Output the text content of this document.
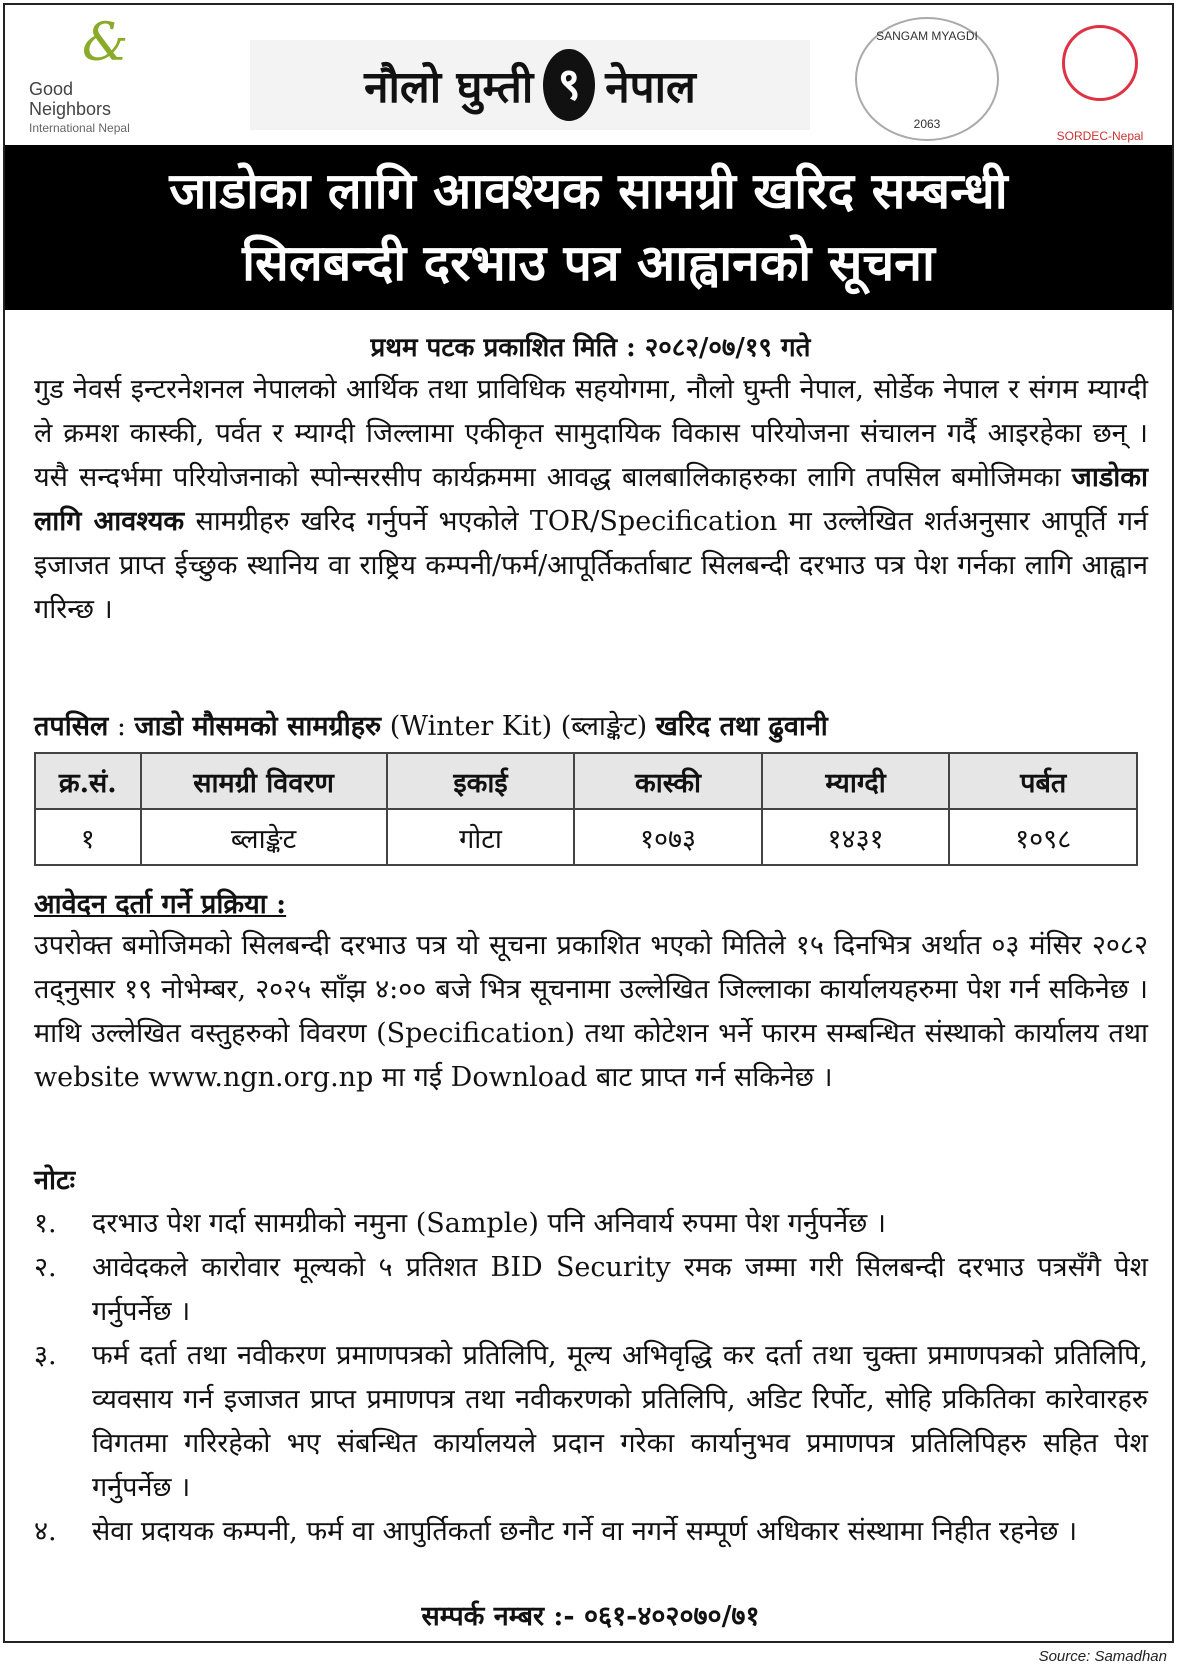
&
Good
Neighbors
International Nepal
नौलो घुम्ती ९ नेपाल
SANGAM MYAGDI
2063
SORDEC-Nepal
जाडोका लागि आवश्यक सामग्री खरिद सम्बन्धी
सिलबन्दी दरभाउ पत्र आह्वानको सूचना
प्रथम पटक प्रकाशित मिति : २०८२/०७/१९ गते
गुड नेवर्स इन्टरनेशनल नेपालको आर्थिक तथा प्राविधिक सहयोगमा, नौलो घुम्ती नेपाल, सोर्डेक नेपाल र संगम म्याग्दी ले क्रमश कास्की, पर्वत र म्याग्दी जिल्लामा एकीकृत सामुदायिक विकास परियोजना संचालन गर्दै आइरहेका छन् । यसै सन्दर्भमा परियोजनाको स्पोन्सरसीप कार्यक्रममा आवद्ध बालबालिकाहरुका लागि तपसिल बमोजिमका जाडोका लागि आवश्यक सामग्रीहरु खरिद गर्नुपर्ने भएकोले TOR/Specification मा उल्लेखित शर्तअनुसार आपूर्ति गर्न इजाजत प्राप्त ईच्छुक स्थानिय वा राष्ट्रिय कम्पनी/फर्म/आपूर्तिकर्ताबाट सिलबन्दी दरभाउ पत्र पेश गर्नका लागि आह्वान गरिन्छ ।
तपसिल : जाडो मौसमको सामग्रीहरु (Winter Kit) (ब्लाङ्केट) खरिद तथा ढुवानी
क्र.सं.	सामग्री विवरण	इकाई	कास्की	म्याग्दी	पर्बत
१	ब्लाङ्केट	गोटा	१०७३	१४३१	१०९८
आवेदन दर्ता गर्ने प्रक्रिया :
उपरोक्त बमोजिमको सिलबन्दी दरभाउ पत्र यो सूचना प्रकाशित भएको मितिले १५ दिनभित्र अर्थात ०३ मंसिर २०८२ तद्नुसार १९ नोभेम्बर, २०२५ साँझ ४:०० बजे भित्र सूचनामा उल्लेखित जिल्लाका कार्यालयहरुमा पेश गर्न सकिनेछ । माथि उल्लेखित वस्तुहरुको विवरण (Specification) तथा कोटेशन भर्ने फारम सम्बन्धित संस्थाको कार्यालय तथा website www.ngn.org.np मा गई Download बाट प्राप्त गर्न सकिनेछ ।
नोटः
१.	दरभाउ पेश गर्दा सामग्रीको नमुना (Sample) पनि अनिवार्य रुपमा पेश गर्नुपर्नेछ ।
२.	आवेदकले कारोवार मूल्यको ५ प्रतिशत BID Security रमक जम्मा गरी सिलबन्दी दरभाउ पत्रसँगै पेश गर्नुपर्नेछ ।
३.	फर्म दर्ता तथा नवीकरण प्रमाणपत्रको प्रतिलिपि, मूल्य अभिवृद्धि कर दर्ता तथा चुक्ता प्रमाणपत्रको प्रतिलिपि, व्यवसाय गर्न इजाजत प्राप्त प्रमाणपत्र तथा नवीकरणको प्रतिलिपि, अडिट रिर्पोट, सोहि प्रकितिका कारेवारहरु विगतमा गरिरहेको भए संबन्धित कार्यालयले प्रदान गरेका कार्यानुभव प्रमाणपत्र प्रतिलिपिहरु सहित पेश गर्नुपर्नेछ ।
४.	सेवा प्रदायक कम्पनी, फर्म वा आपुर्तिकर्ता छनौट गर्ने वा नगर्ने सम्पूर्ण अधिकार संस्थामा निहीत रहनेछ ।
सम्पर्क नम्बर :- ०६१-४०२०७०/७१
Source: Samadhan
